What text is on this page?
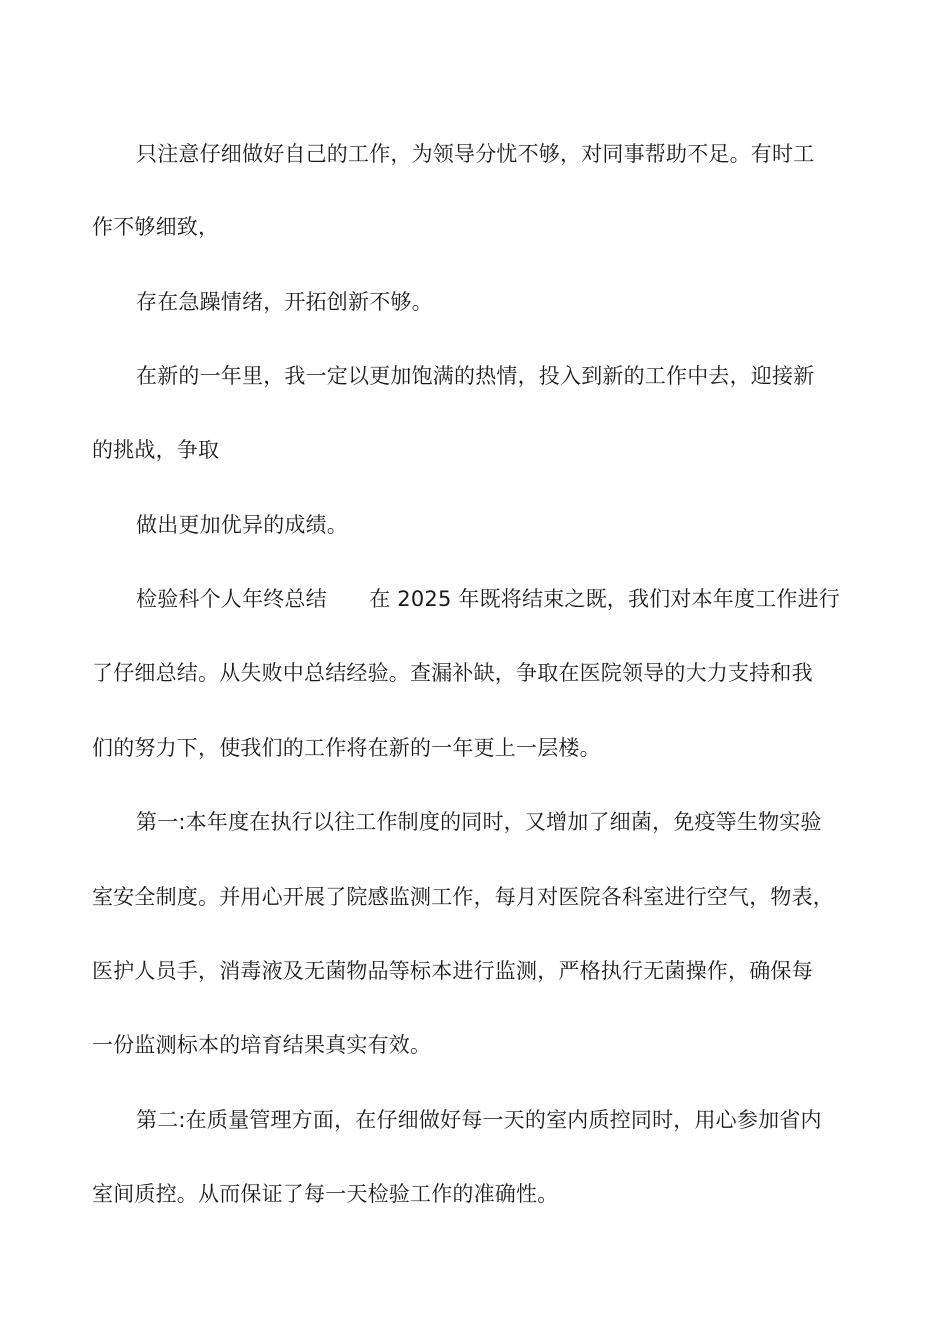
只注意仔细做好自己的工作，为领导分忧不够，对同事帮助不足。有时工
作不够细致，
存在急躁情绪，开拓创新不够。
在新的一年里，我一定以更加饱满的热情，投入到新的工作中去，迎接新
的挑战，争取
做出更加优异的成绩。
检验科个人年终总结　　在 2025 年既将结束之既，我们对本年度工作进行
了仔细总结。从失败中总结经验。查漏补缺，争取在医院领导的大力支持和我
们的努力下，使我们的工作将在新的一年更上一层楼。
第一:本年度在执行以往工作制度的同时，又增加了细菌，免疫等生物实验
室安全制度。并用心开展了院感监测工作，每月对医院各科室进行空气，物表，
医护人员手，消毒液及无菌物品等标本进行监测，严格执行无菌操作，确保每
一份监测标本的培育结果真实有效。
第二:在质量管理方面，在仔细做好每一天的室内质控同时，用心参加省内
室间质控。从而保证了每一天检验工作的准确性。
